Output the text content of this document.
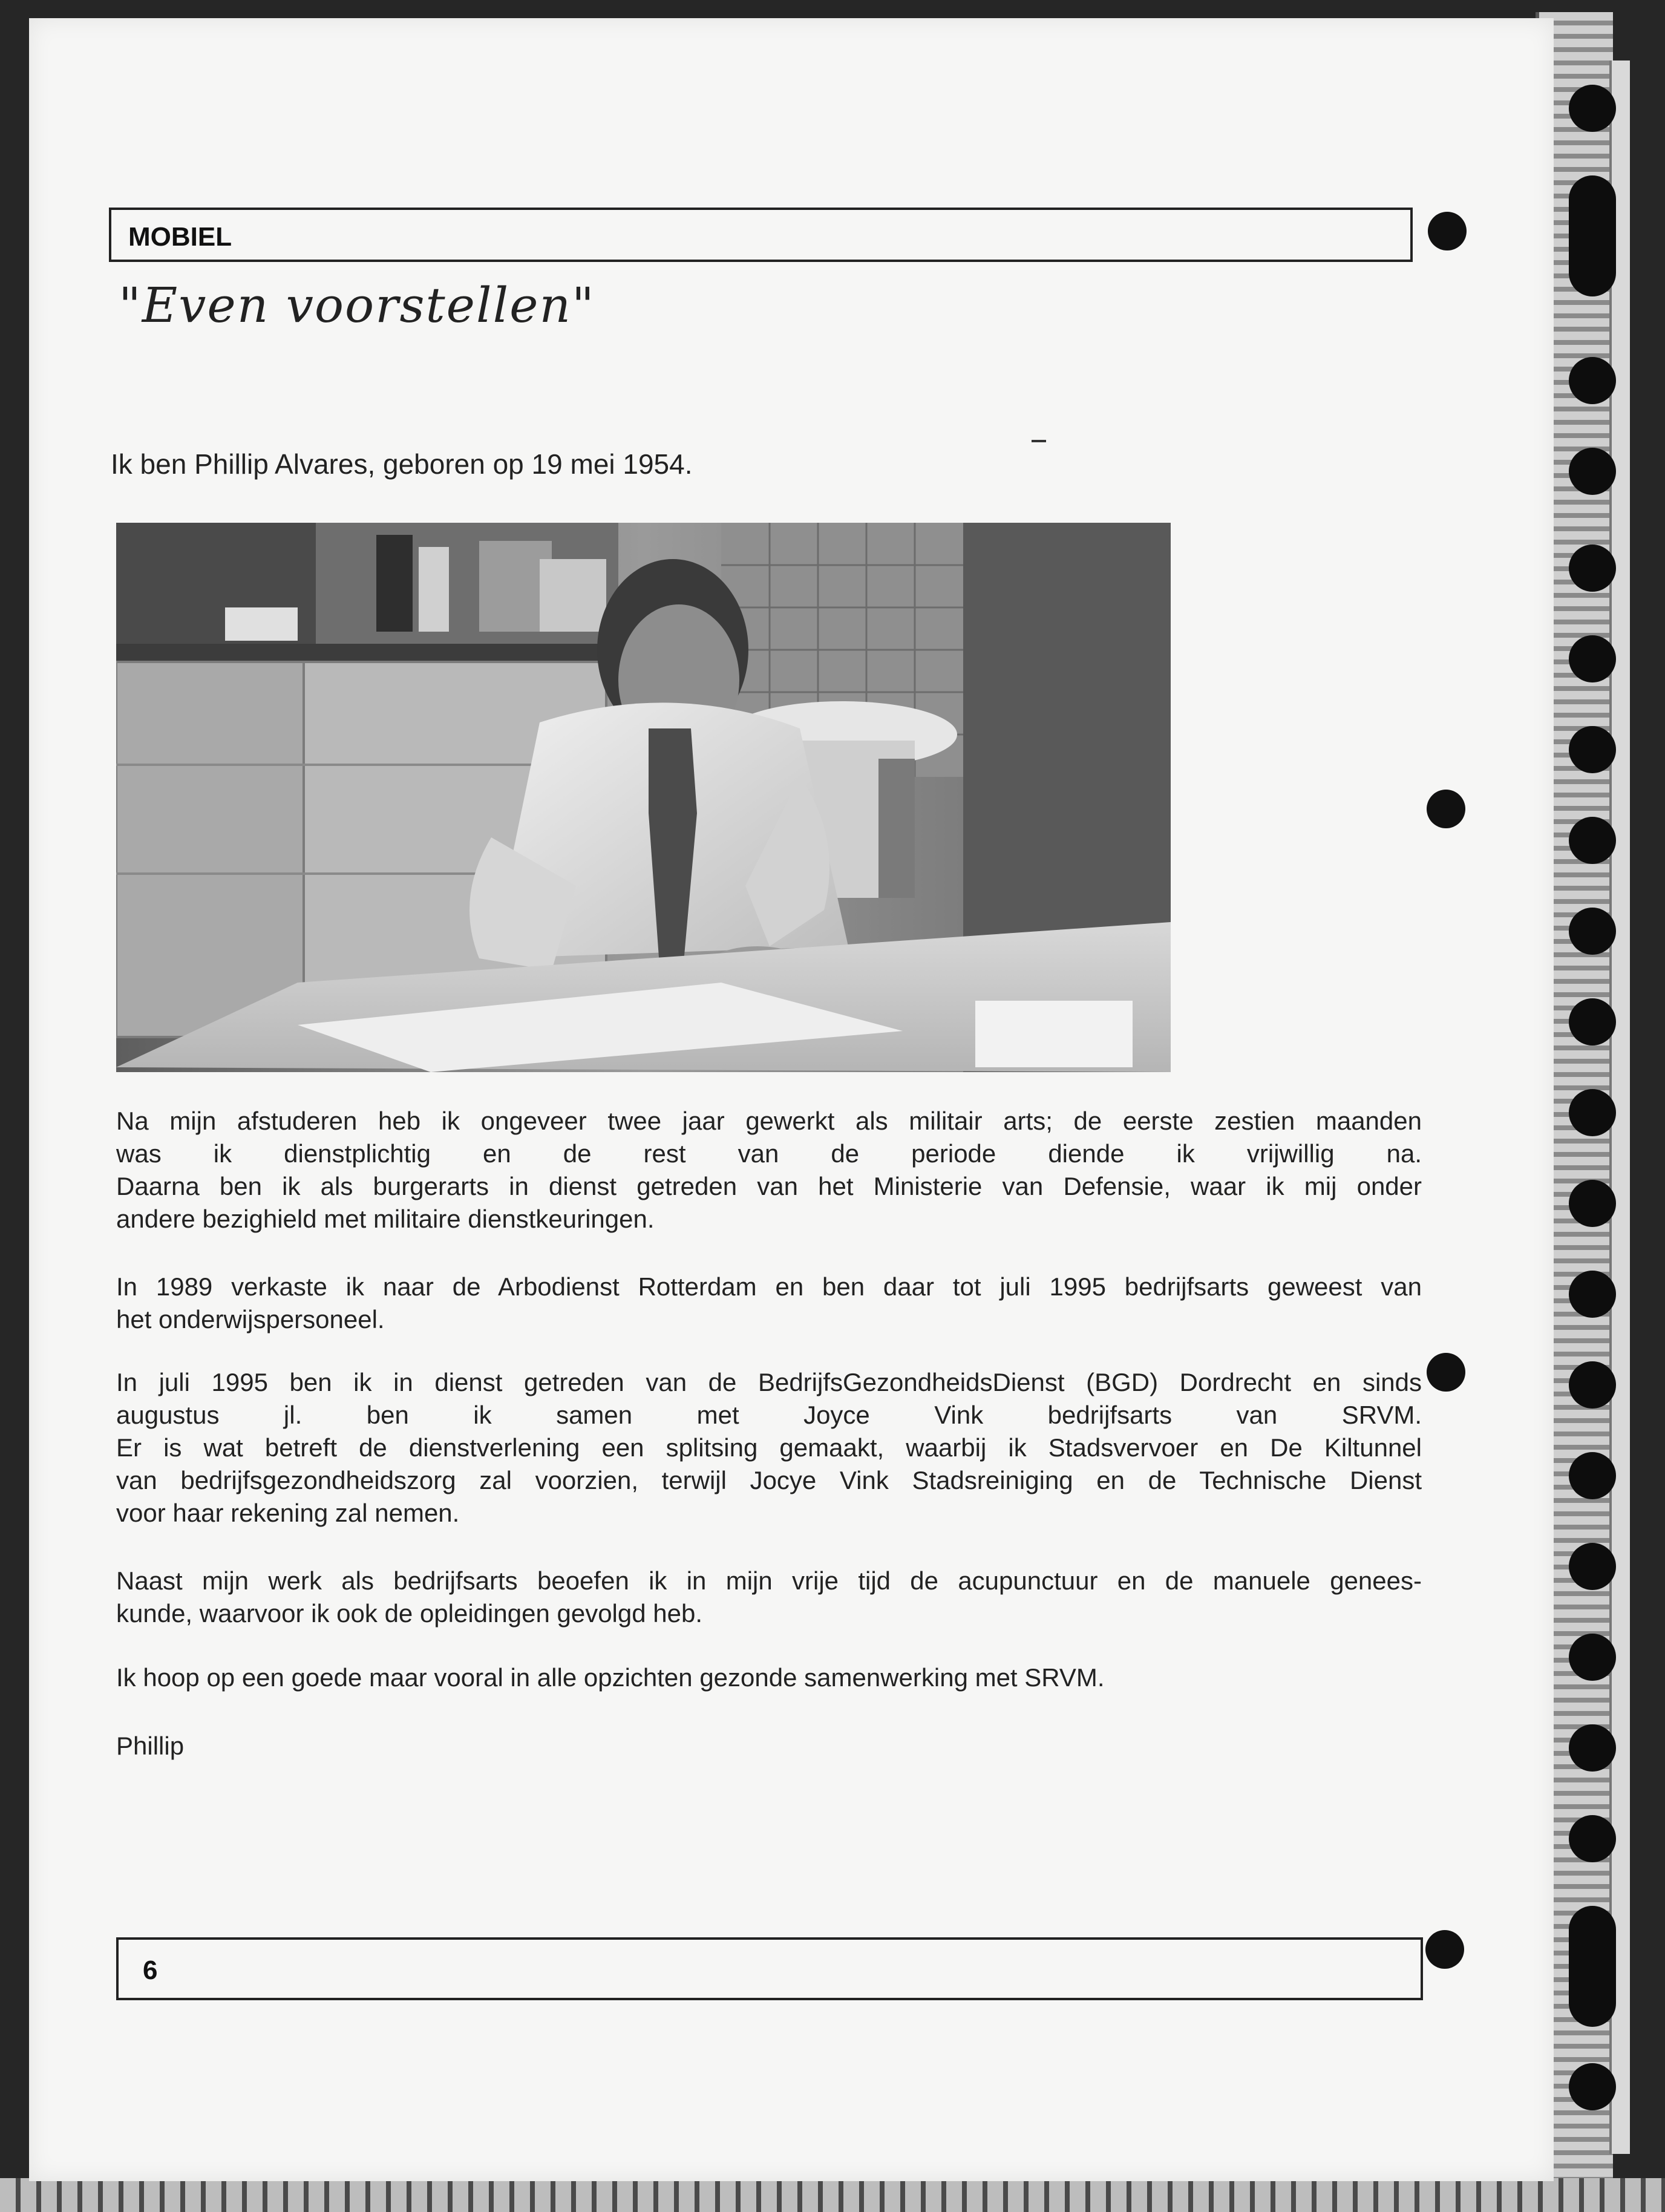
MOBIEL
"Even voorstellen"
Ik ben Phillip Alvares, geboren op 19 mei 1954.
Na mijn afstuderen heb ik ongeveer twee jaar gewerkt als militair arts; de eerste zestien maanden
was ik dienstplichtig en de rest van de periode diende ik vrijwillig na.
Daarna ben ik als burgerarts in dienst getreden van het Ministerie van Defensie, waar ik mij onder
andere bezighield met militaire dienstkeuringen.
In 1989 verkaste ik naar de Arbodienst Rotterdam en ben daar tot juli 1995 bedrijfsarts geweest van
het onderwijspersoneel.
In juli 1995 ben ik in dienst getreden van de BedrijfsGezondheidsDienst (BGD) Dordrecht en sinds
augustus jl. ben ik samen met Joyce Vink bedrijfsarts van SRVM.
Er is wat betreft de dienstverlening een splitsing gemaakt, waarbij ik Stadsvervoer en De Kiltunnel
van bedrijfsgezondheidszorg zal voorzien, terwijl Jocye Vink Stadsreiniging en de Technische Dienst
voor haar rekening zal nemen.
Naast mijn werk als bedrijfsarts beoefen ik in mijn vrije tijd de acupunctuur en de manuele genees-
kunde, waarvoor ik ook de opleidingen gevolgd heb.
Ik hoop op een goede maar vooral in alle opzichten gezonde samenwerking met SRVM.
Phillip
6
